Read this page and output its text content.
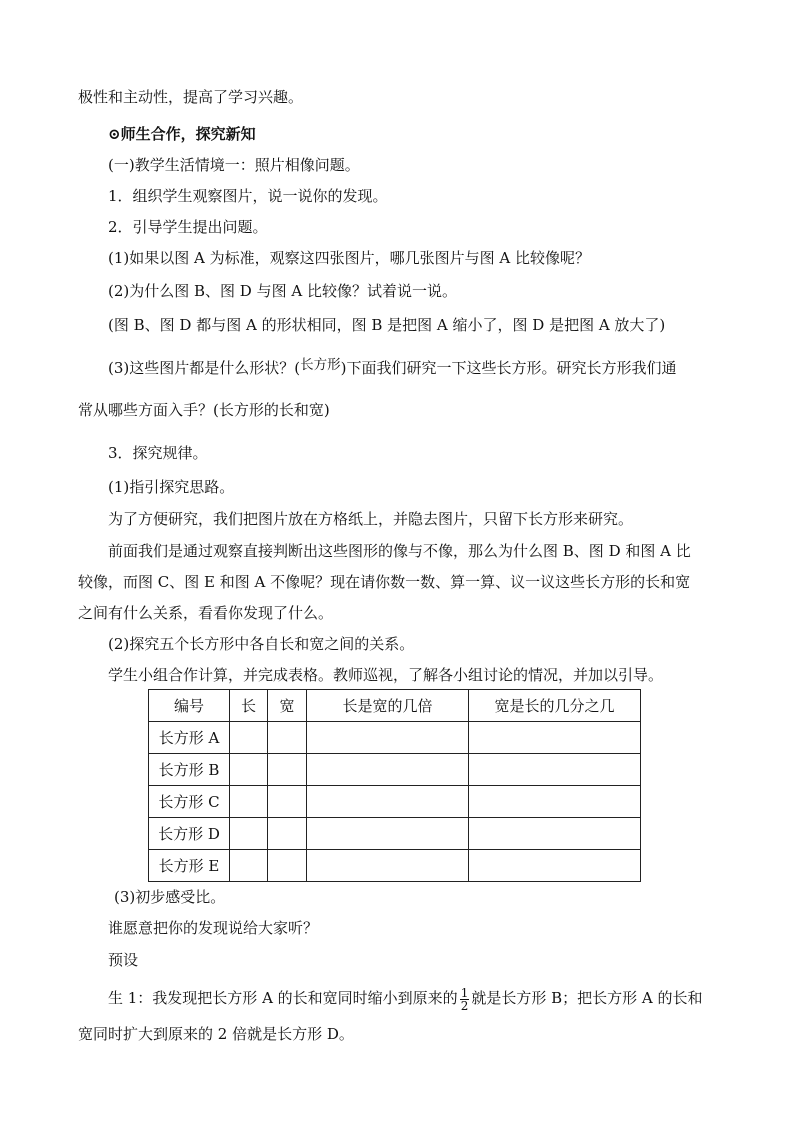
极性和主动性，提高了学习兴趣。
⊙师生合作，探究新知
(一)教学生活情境一：照片相像问题。
1．组织学生观察图片，说一说你的发现。
2．引导学生提出问题。
(1)如果以图 A 为标准，观察这四张图片，哪几张图片与图 A 比较像呢？
(2)为什么图 B、图 D 与图 A 比较像？试着说一说。
(图 B、图 D 都与图 A 的形状相同，图 B 是把图 A 缩小了，图 D 是把图 A 放大了)
(3)这些图片都是什么形状？(长方形)下面我们研究一下这些长方形。研究长方形我们通
常从哪些方面入手？(长方形的长和宽)
3．探究规律。
(1)指引探究思路。
为了方便研究，我们把图片放在方格纸上，并隐去图片，只留下长方形来研究。
前面我们是通过观察直接判断出这些图形的像与不像，那么为什么图 B、图 D 和图 A 比
较像，而图 C、图 E 和图 A 不像呢？现在请你数一数、算一算、议一议这些长方形的长和宽
之间有什么关系，看看你发现了什么。
(2)探究五个长方形中各自长和宽之间的关系。
学生小组合作计算，并完成表格。教师巡视，了解各小组讨论的情况，并加以引导。
编号	长	宽	长是宽的几倍	宽是长的几分之几
长方形 A				
长方形 B				
长方形 C				
长方形 D				
长方形 E				
(3)初步感受比。
谁愿意把你的发现说给大家听？
预设
生 1：我发现把长方形 A 的长和宽同时缩小到原来的 $\frac{1}{2}$ 就是长方形 B；把长方形 A 的长和
宽同时扩大到原来的 2 倍就是长方形 D。
